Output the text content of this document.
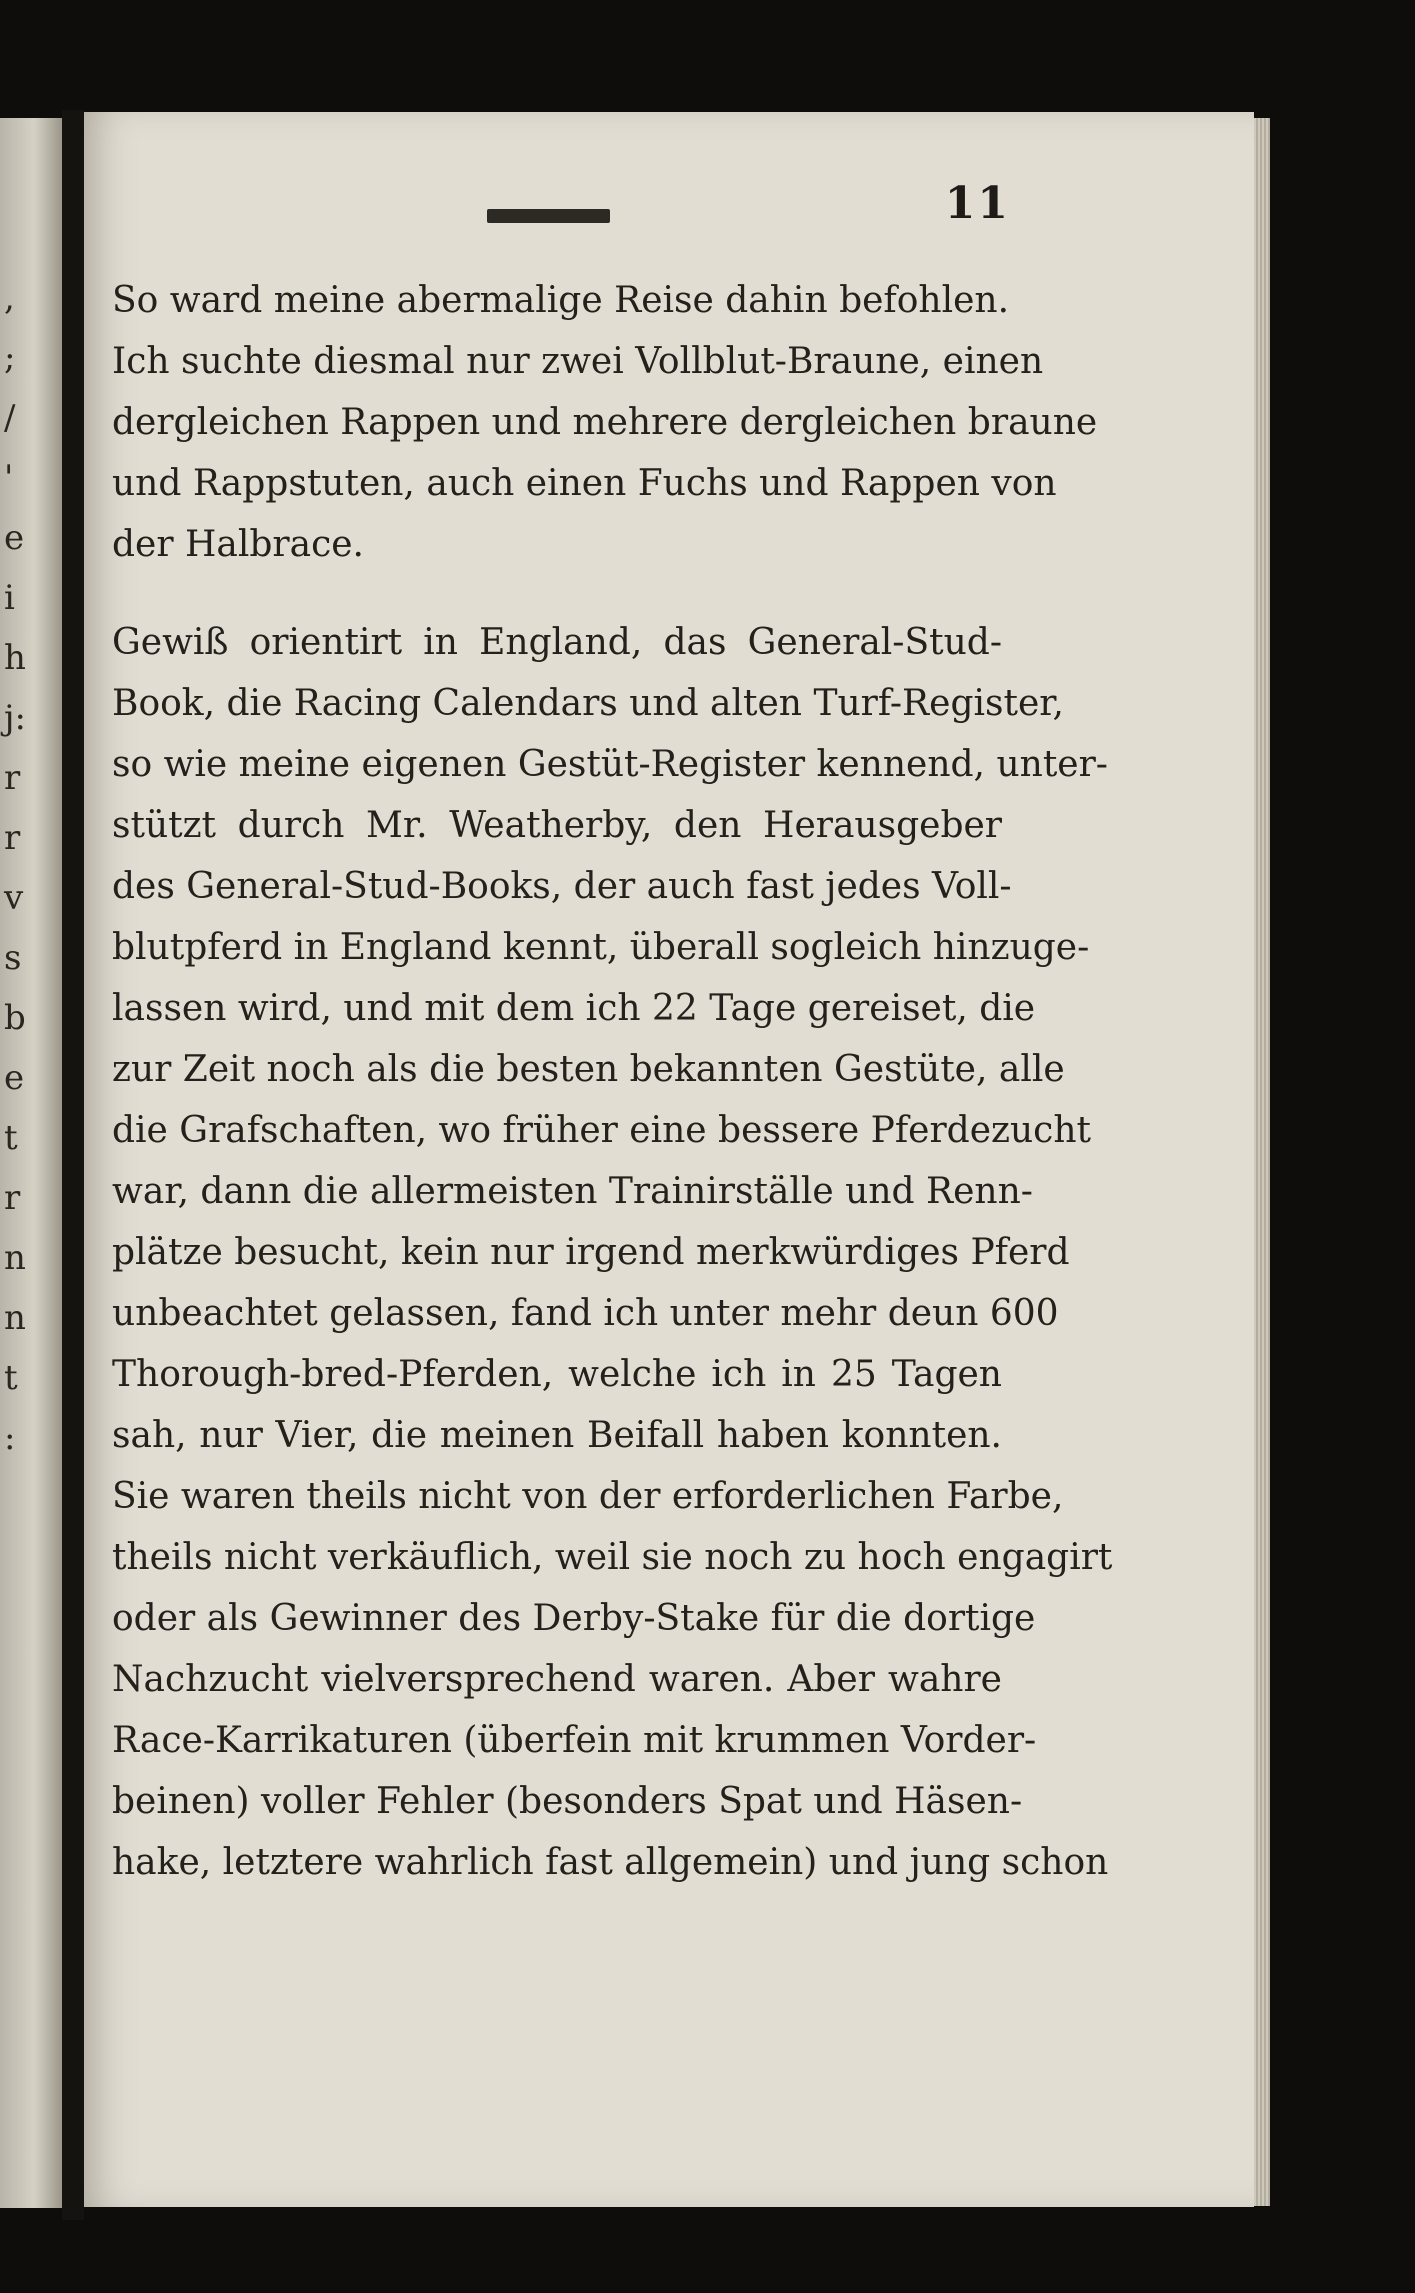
,
;
/
'
e
i
h
j:
r
r
v
s
b
e
t
r
n
n
t
:
11
So ward meine abermalige Reise dahin befohlen.
Ich suchte diesmal nur zwei Vollblut-Braune, einen
dergleichen Rappen und mehrere dergleichen braune
und Rappstuten, auch einen Fuchs und Rappen von
der Halbrace.
Gewiß orientirt in England, das General-Stud-
Book, die Racing Calendars und alten Turf-Register,
so wie meine eigenen Gestüt-Register kennend, unter-
stützt durch Mr. Weatherby, den Herausgeber
des General-Stud-Books, der auch fast jedes Voll-
blutpferd in England kennt, überall sogleich hinzuge-
lassen wird, und mit dem ich 22 Tage gereiset, die
zur Zeit noch als die besten bekannten Gestüte, alle
die Grafschaften, wo früher eine bessere Pferdezucht
war, dann die allermeisten Trainirställe und Renn-
plätze besucht, kein nur irgend merkwürdiges Pferd
unbeachtet gelassen, fand ich unter mehr deun 600
Thorough-bred-Pferden, welche ich in 25 Tagen
sah, nur Vier, die meinen Beifall haben konnten.
Sie waren theils nicht von der erforderlichen Farbe,
theils nicht verkäuflich, weil sie noch zu hoch engagirt
oder als Gewinner des Derby-Stake für die dortige
Nachzucht vielversprechend waren. Aber wahre
Race-Karrikaturen (überfein mit krummen Vorder-
beinen) voller Fehler (besonders Spat und Häsen-
hake, letztere wahrlich fast allgemein) und jung schon
